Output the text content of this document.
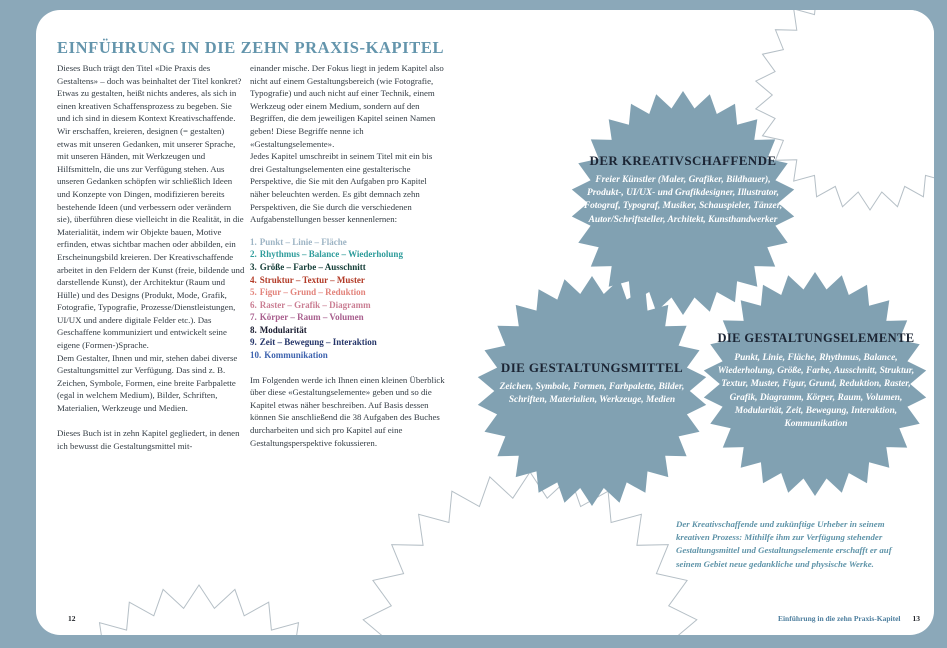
EINFÜHRUNG IN DIE ZEHN PRAXIS-KAPITEL

Dieses Buch trägt den Titel «Die Praxis des Gestaltens» – doch was beinhaltet der Titel konkret?

Etwas zu gestalten, heißt nichts anderes, als sich in einen kreativen Schaffensprozess zu begeben. Sie und ich sind in diesem Kontext Kreativschaffende. Wir erschaffen, kreieren, designen (= gestalten) etwas mit unseren Gedanken, mit unserer Sprache, mit unseren Händen, mit Werkzeugen und Hilfsmitteln, die uns zur Verfügung stehen. Aus unseren Gedanken schöpfen wir schließlich Ideen und Konzepte von Dingen, modifizieren bereits bestehende Ideen (und verbessern oder verändern sie), überführen diese vielleicht in die Realität, in die Materialität, indem wir Objekte bauen, Motive erfinden, etwas sichtbar machen oder abbilden, ein Erscheinungsbild kreieren. Der Kreativschaffende arbeitet in den Feldern der Kunst (freie, bildende und darstellende Kunst), der Architektur (Raum und Hülle) und des Designs (Produkt, Mode, Grafik, Fotografie, Typografie, Prozesse/Dienstleistungen, UI/UX und andere digitale Felder etc.). Das Geschaffene kommuniziert und entwickelt seine eigene (Formen-)Sprache.

Dem Gestalter, Ihnen und mir, stehen dabei diverse Gestaltungsmittel zur Verfügung. Das sind z. B. Zeichen, Symbole, Formen, eine breite Farbpalette (egal in welchem Medium), Bilder, Schriften, Materialien, Werkzeuge und Medien.

Dieses Buch ist in zehn Kapitel gegliedert, in denen ich bewusst die Gestaltungsmittel mit-

einander mische. Der Fokus liegt in jedem Kapitel also nicht auf einem Gestaltungsbereich (wie Fotografie, Typografie) und auch nicht auf einer Technik, einem Werkzeug oder einem Medium, sondern auf den Begriffen, die dem jeweiligen Kapitel seinen Namen geben! Diese Begriffe nenne ich «Gestaltungselemente».

Jedes Kapitel umschreibt in seinem Titel mit ein bis drei Gestaltungselementen eine gestalterische Perspektive, die Sie mit den Aufgaben pro Kapitel näher beleuchten werden. Es gibt demnach zehn Perspektiven, die Sie durch die verschiedenen Aufgabenstellungen besser kennenlernen:

1. Punkt – Linie – Fläche
2. Rhythmus – Balance – Wiederholung
3. Größe – Farbe – Ausschnitt
4. Struktur – Textur – Muster
5. Figur – Grund – Reduktion
6. Raster – Grafik – Diagramm
7. Körper – Raum – Volumen
8. Modularität
9. Zeit – Bewegung – Interaktion
10. Kommunikation

Im Folgenden werde ich Ihnen einen kleinen Überblick über diese «Gestaltungselemente» geben und so die Kapitel etwas näher beschreiben. Auf Basis dessen können Sie anschließend die 38 Aufgaben des Buches durcharbeiten und sich pro Kapitel auf eine Gestaltungsperspektive fokussieren.

DER KREATIVSCHAFFENDE
Freier Künstler (Maler, Grafiker, Bildhauer), Produkt-, UI/UX- und Grafikdesigner, Illustrator, Fotograf, Typograf, Musiker, Schauspieler, Tänzer, Autor/Schriftsteller, Architekt, Kunsthandwerker
DIE GESTALTUNGSMITTEL
Zeichen, Symbole, Formen, Farbpalette, Bilder, Schriften, Materialien, Werkzeuge, Medien
DIE GESTALTUNGSELEMENTE
Punkt, Linie, Fläche, Rhythmus, Balance, Wiederholung, Größe, Farbe, Ausschnitt, Struktur, Textur, Muster, Figur, Grund, Reduktion, Raster, Grafik, Diagramm, Körper, Raum, Volumen, Modularität, Zeit, Bewegung, Interaktion, Kommunikation
Der Kreativschaffende und zukünftige Urheber in seinem kreativen Prozess: Mithilfe ihm zur Verfügung stehender Gestaltungsmittel und Gestaltungselemente erschafft er auf seinem Gebiet neue gedankliche und physische Werke.
12	Einführung in die zehn Praxis-Kapitel 13
